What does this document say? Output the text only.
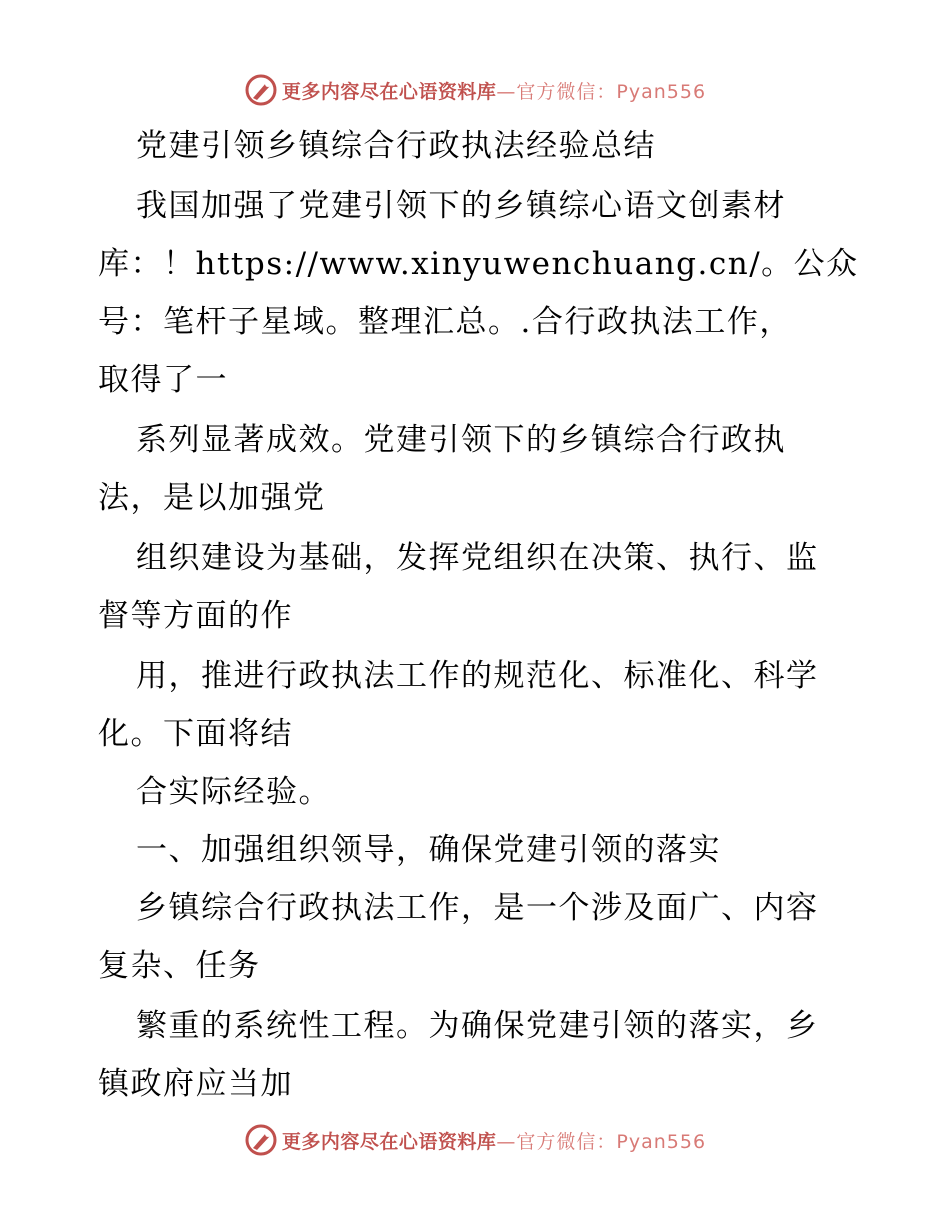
更多内容尽在心语资料库 —官方微信：Pyan556
党建引领乡镇综合行政执法经验总结
我国加强了党建引领下的乡镇综心语文创素材
库：！https://www.xinyuwenchuang.cn/。公众
号：笔杆子星域。整理汇总。.合行政执法工作，
取得了一
系列显著成效。党建引领下的乡镇综合行政执
法，是以加强党
组织建设为基础，发挥党组织在决策、执行、监
督等方面的作
用，推进行政执法工作的规范化、标准化、科学
化。下面将结
合实际经验。
一、加强组织领导，确保党建引领的落实
乡镇综合行政执法工作，是一个涉及面广、内容
复杂、任务
繁重的系统性工程。为确保党建引领的落实，乡
镇政府应当加
更多内容尽在心语资料库 —官方微信：Pyan556
